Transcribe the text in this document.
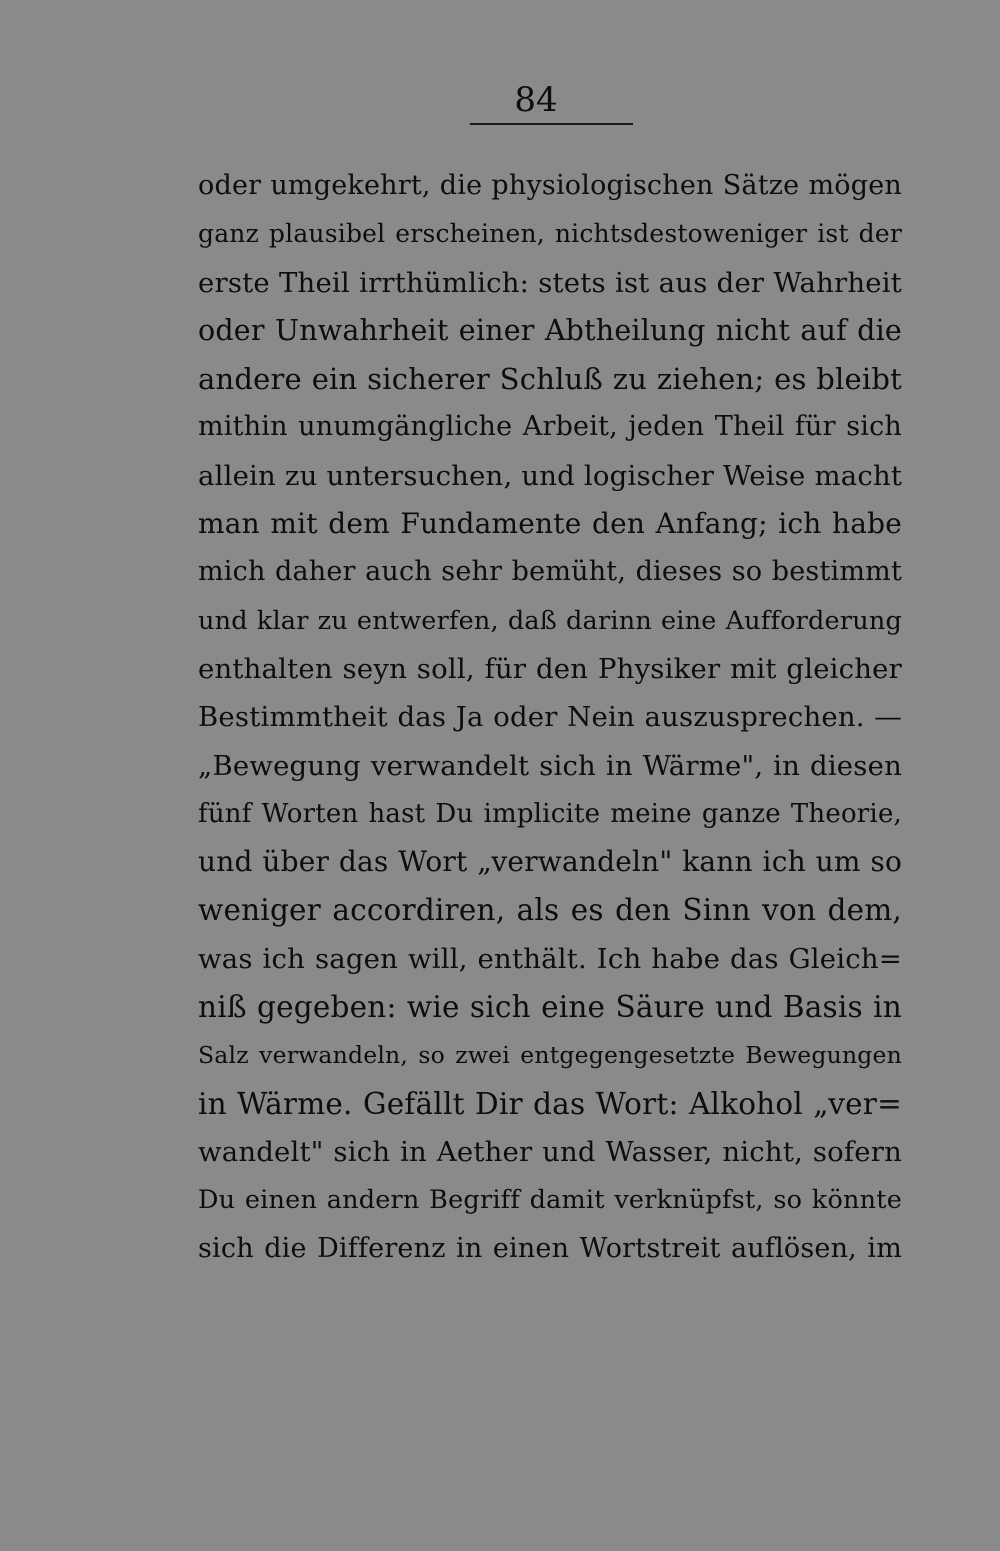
84
oder umgekehrt, die physiologischen Sätze mögen
ganz plausibel erscheinen, nichtsdestoweniger ist der
erste Theil irrthümlich: stets ist aus der Wahrheit
oder Unwahrheit einer Abtheilung nicht auf die
andere ein sicherer Schluß zu ziehen; es bleibt
mithin unumgängliche Arbeit, jeden Theil für sich
allein zu untersuchen, und logischer Weise macht
man mit dem Fundamente den Anfang; ich habe
mich daher auch sehr bemüht, dieses so bestimmt
und klar zu entwerfen, daß darinn eine Aufforderung
enthalten seyn soll, für den Physiker mit gleicher
Bestimmtheit das Ja oder Nein auszusprechen. —
„Bewegung verwandelt sich in Wärme", in diesen
fünf Worten hast Du implicite meine ganze Theorie,
und über das Wort „verwandeln" kann ich um so
weniger accordiren, als es den Sinn von dem,
was ich sagen will, enthält. Ich habe das Gleich=
niß gegeben: wie sich eine Säure und Basis in
Salz verwandeln, so zwei entgegengesetzte Bewegungen
in Wärme. Gefällt Dir das Wort: Alkohol „ver=
wandelt" sich in Aether und Wasser, nicht, sofern
Du einen andern Begriff damit verknüpfst, so könnte
sich die Differenz in einen Wortstreit auflösen, im
